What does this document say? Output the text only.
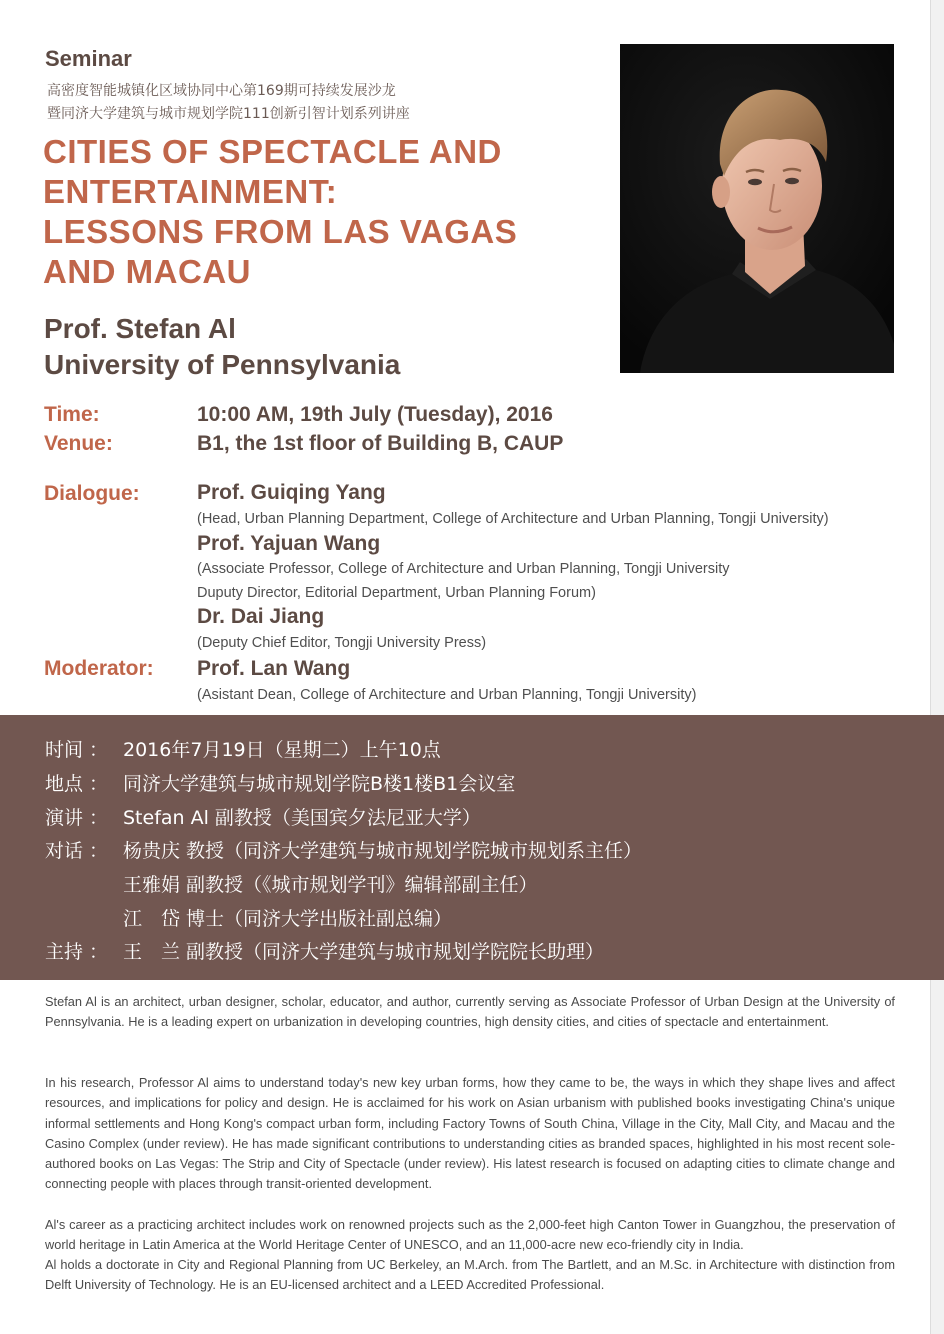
Seminar
高密度智能城镇化区域协同中心第169期可持续发展沙龙
暨同济大学建筑与城市规划学院111创新引智计划系列讲座
CITIES OF SPECTACLE AND
ENTERTAINMENT:
LESSONS FROM LAS VAGAS
AND MACAU
Prof. Stefan Al
University of Pennsylvania
Time:	10:00 AM, 19th July (Tuesday), 2016
Venue:	B1, the 1st floor of Building B, CAUP
Dialogue:	Prof. Guiqing Yang
(Head, Urban Planning Department, College of Architecture and Urban Planning, Tongji University)
Prof. Yajuan Wang
(Associate Professor, College of Architecture and Urban Planning, Tongji University
Duputy Director, Editorial Department, Urban Planning Forum)
Dr. Dai Jiang
(Deputy Chief Editor, Tongji University Press)
Moderator: Prof. Lan Wang
(Asistant Dean, College of Architecture and Urban Planning, Tongji University)
时间 ： 2016年7月19日（星期二）上午10点
地点 ： 同济大学建筑与城市规划学院B楼1楼B1会议室
演讲 ： Stefan Al 副教授（美国宾夕法尼亚大学）
对话 ： 杨贵庆 教授（同济大学建筑与城市规划学院城市规划系主任）
王雅娟 副教授（《城市规划学刊》编辑部副主任）
江　岱 博士（同济大学出版社副总编）
主持 ： 王　兰 副教授（同济大学建筑与城市规划学院院长助理）

Stefan Al is an architect, urban designer, scholar, educator, and author, currently serving as Associate Professor of Urban Design at the University of Pennsylvania. He is a leading expert on urbanization in developing countries, high density cities, and cities of spectacle and entertainment.

In his research, Professor Al aims to understand today's new key urban forms, how they came to be, the ways in which they shape lives and affect resources, and implications for policy and design. He is acclaimed for his work on Asian urbanism with published books investigating China's unique informal settlements and Hong Kong's compact urban form, including Factory Towns of South China, Village in the City, Mall City, and Macau and the Casino Complex (under review). He has made significant contributions to understanding cities as branded spaces, highlighted in his most recent sole-authored books on Las Vegas: The Strip and City of Spectacle (under review). His latest research is focused on adapting cities to climate change and connecting people with places through transit-oriented development.

Al's career as a practicing architect includes work on renowned projects such as the 2,000-feet high Canton Tower in Guangzhou, the preservation of world heritage in Latin America at the World Heritage Center of UNESCO, and an 11,000-acre new eco-friendly city in India.

Al holds a doctorate in City and Regional Planning from UC Berkeley, an M.Arch. from The Bartlett, and an M.Sc. in Architecture with distinction from Delft University of Technology. He is an EU-licensed architect and a LEED Accredited Professional.
